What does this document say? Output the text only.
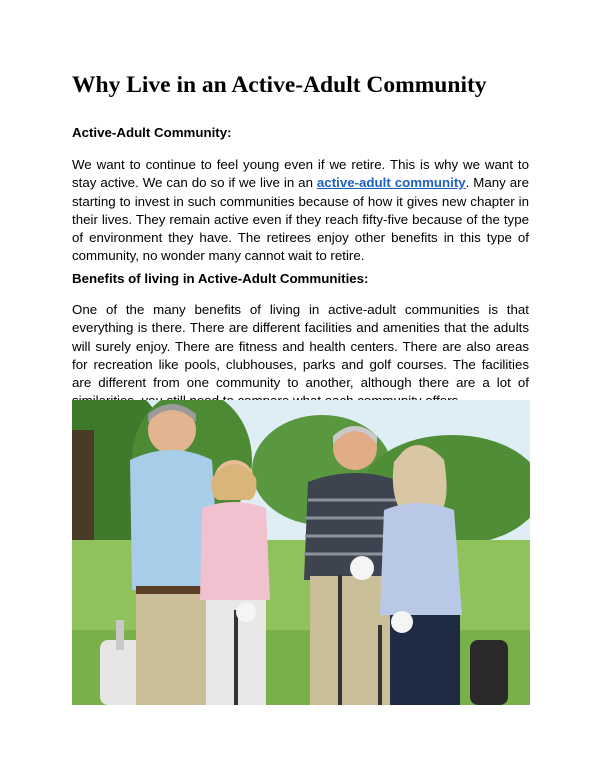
Why Live in an Active-Adult Community
Active-Adult Community:

We want to continue to feel young even if we retire. This is why we want to stay active. We can do so if we live in an active-adult community. Many are starting to invest in such communities because of how it gives new chapter in their lives. They remain active even if they reach fifty-five because of the type of environment they have. The retirees enjoy other benefits in this type of community, no wonder many cannot wait to retire.

Benefits of living in Active-Adult Communities:

One of the many benefits of living in active-adult communities is that everything is there. There are different facilities and amenities that the adults will surely enjoy. There are fitness and health centers. There are also areas for recreation like pools, clubhouses, parks and golf courses. The facilities are different from one community to another, although there are a lot of
